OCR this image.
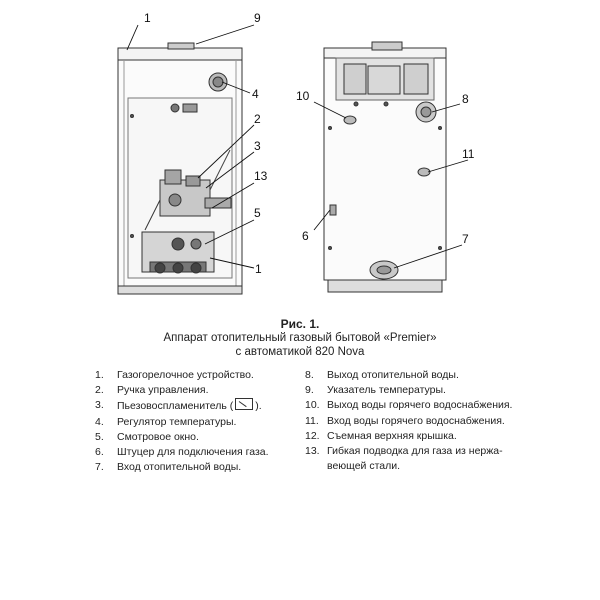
1	9
4
2
3
13
5
1
10	8
11
6	7
Рис. 1.
Аппарат отопительный газовый бытовой «Premier»
с автоматикой 820 Nova
1.	Газогорелочное устройство.
2.	Ручка управления.
3.	Пьезовоспламенитель ( ).
4.	Регулятор температуры.
5.	Смотровое окно.
6.	Штуцер для подключения газа.
7.	Вход отопительной воды.
8.	Выход отопительной воды.
9.	Указатель температуры.
10. Выход воды горячего водоснабжения.
11. Вход воды горячего водоснабжения.
12. Съемная верхняя крышка.
13. Гибкая подводка для газа из нержа-
веющей стали.
